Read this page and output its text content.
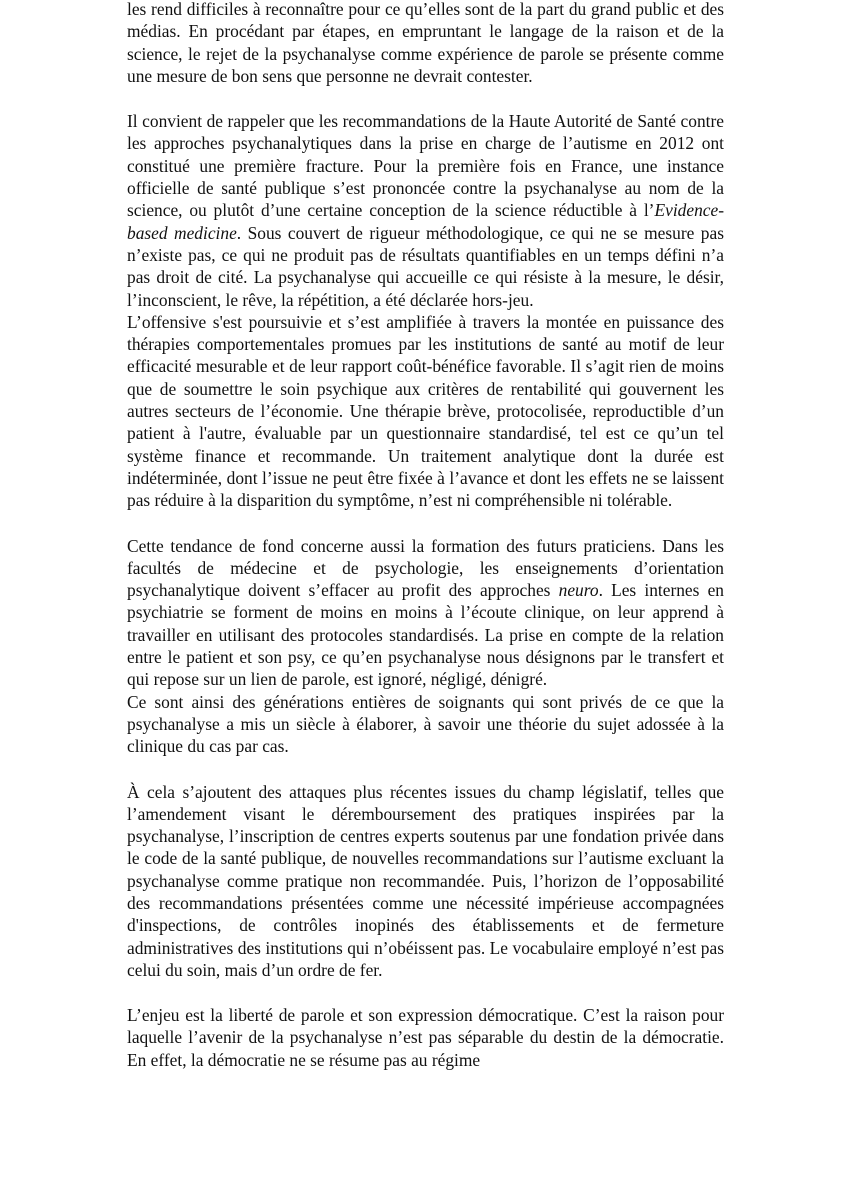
les rend difficiles à reconnaître pour ce qu’elles sont de la part du grand public et des médias. En procédant par étapes, en empruntant le langage de la raison et de la science, le rejet de la psychanalyse comme expérience de parole se présente comme une mesure de bon sens que personne ne devrait contester.

Il convient de rappeler que les recommandations de la Haute Autorité de Santé contre les approches psychanalytiques dans la prise en charge de l’autisme en 2012 ont constitué une première fracture. Pour la première fois en France, une instance officielle de santé publique s’est prononcée contre la psychanalyse au nom de la science, ou plutôt d’une certaine conception de la science réductible à l’Evidence-based medicine. Sous couvert de rigueur méthodologique, ce qui ne se mesure pas n’existe pas, ce qui ne produit pas de résultats quantifiables en un temps défini n’a pas droit de cité. La psychanalyse qui accueille ce qui résiste à la mesure, le désir, l’inconscient, le rêve, la répétition, a été déclarée hors-jeu.

L’offensive s'est poursuivie et s’est amplifiée à travers la montée en puissance des thérapies comportementales promues par les institutions de santé au motif de leur efficacité mesurable et de leur rapport coût-bénéfice favorable. Il s’agit rien de moins que de soumettre le soin psychique aux critères de rentabilité qui gouvernent les autres secteurs de l’économie. Une thérapie brève, protocolisée, reproductible d’un patient à l'autre, évaluable par un questionnaire standardisé, tel est ce qu’un tel système finance et recommande. Un traitement analytique dont la durée est indéterminée, dont l’issue ne peut être fixée à l’avance et dont les effets ne se laissent pas réduire à la disparition du symptôme, n’est ni compréhensible ni tolérable.

Cette tendance de fond concerne aussi la formation des futurs praticiens. Dans les facultés de médecine et de psychologie, les enseignements d’orientation psychanalytique doivent s’effacer au profit des approches neuro. Les internes en psychiatrie se forment de moins en moins à l’écoute clinique, on leur apprend à travailler en utilisant des protocoles standardisés. La prise en compte de la relation entre le patient et son psy, ce qu’en psychanalyse nous désignons par le transfert et qui repose sur un lien de parole, est ignoré, négligé, dénigré.

Ce sont ainsi des générations entières de soignants qui sont privés de ce que la psychanalyse a mis un siècle à élaborer, à savoir une théorie du sujet adossée à la clinique du cas par cas.

À cela s’ajoutent des attaques plus récentes issues du champ législatif, telles que l’amendement visant le déremboursement des pratiques inspirées par la psychanalyse, l’inscription de centres experts soutenus par une fondation privée dans le code de la santé publique, de nouvelles recommandations sur l’autisme excluant la psychanalyse comme pratique non recommandée. Puis, l’horizon de l’opposabilité des recommandations présentées comme une nécessité impérieuse accompagnées d'inspections, de contrôles inopinés des établissements et de fermeture administratives des institutions qui n’obéissent pas. Le vocabulaire employé n’est pas celui du soin, mais d’un ordre de fer.

L’enjeu est la liberté de parole et son expression démocratique. C’est la raison pour laquelle l’avenir de la psychanalyse n’est pas séparable du destin de la démocratie. En effet, la démocratie ne se résume pas au régime
